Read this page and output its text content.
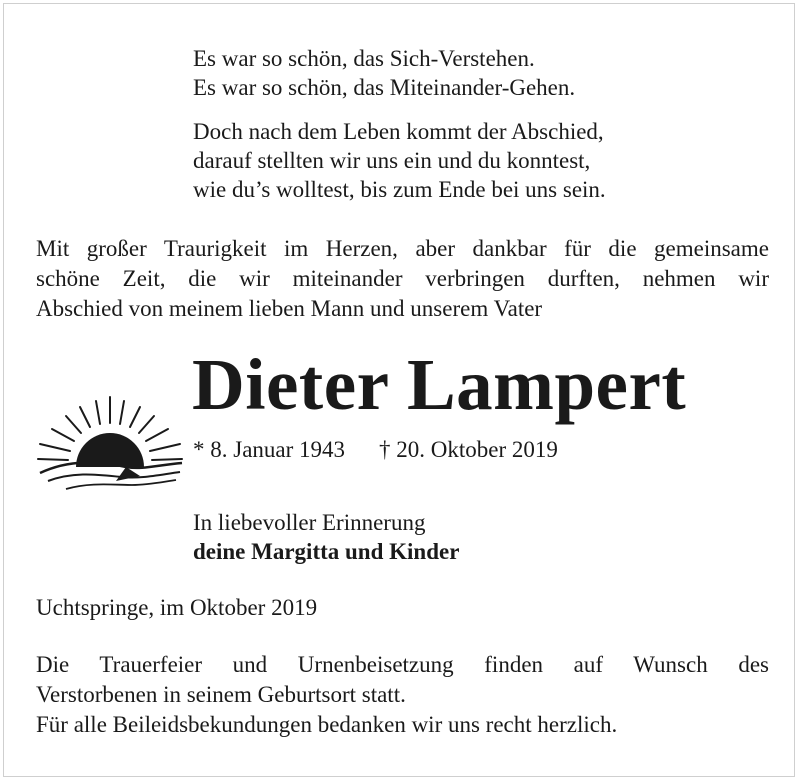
Es war so schön, das Sich-Verstehen.
Es war so schön, das Miteinander-Gehen.
Doch nach dem Leben kommt der Abschied,
darauf stellten wir uns ein und du konntest,
wie du’s wolltest, bis zum Ende bei uns sein.
Mit großer Traurigkeit im Herzen, aber dankbar für die gemeinsame
schöne Zeit, die wir miteinander verbringen durften, nehmen wir
Abschied von meinem lieben Mann und unserem Vater
Dieter Lampert
* 8. Januar 1943 † 20. Oktober 2019
In liebevoller Erinnerung
deine Margitta und Kinder
Uchtspringe, im Oktober 2019
Die Trauerfeier und Urnenbeisetzung finden auf Wunsch des
Verstorbenen in seinem Geburtsort statt.
Für alle Beileidsbekundungen bedanken wir uns recht herzlich.
